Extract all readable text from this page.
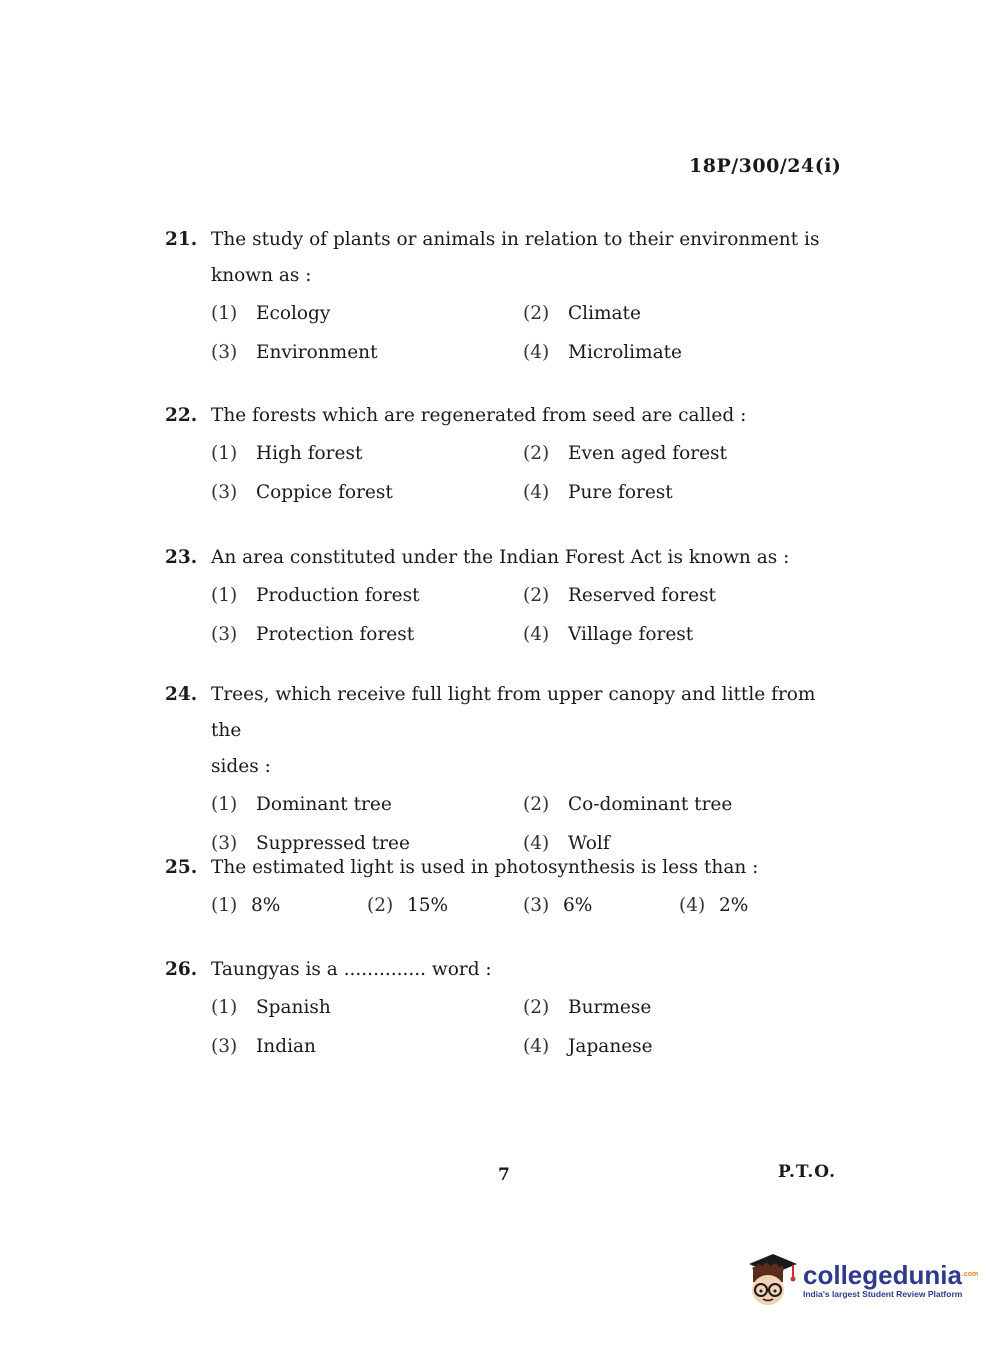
18P/300/24(i)
21. The study of plants or animals in relation to their environment is
known as :
(1)	Ecology	(2)	Climate
(3)	Environment	(4)	Microlimate
22. The forests which are regenerated from seed are called :
(1)	High forest	(2)	Even aged forest
(3)	Coppice forest	(4)	Pure forest
23. An area constituted under the Indian Forest Act is known as :
(1)	Production forest	(2)	Reserved forest
(3)	Protection forest	(4)	Village forest
24. Trees, which receive full light from upper canopy and little from the
sides :
(1)	Dominant tree	(2)	Co-dominant tree
(3)	Suppressed tree	(4)	Wolf
25. The estimated light is used in photosynthesis is less than :
(1) 8%	(2) 15%	(3) 6%	(4) 2%
26. Taungyas is a .............. word :
(1)	Spanish	(2)	Burmese
(3)	Indian	(4)	Japanese
7	P.T.O.
collegedunia$^{.com}$
India's largest Student Review Platform
